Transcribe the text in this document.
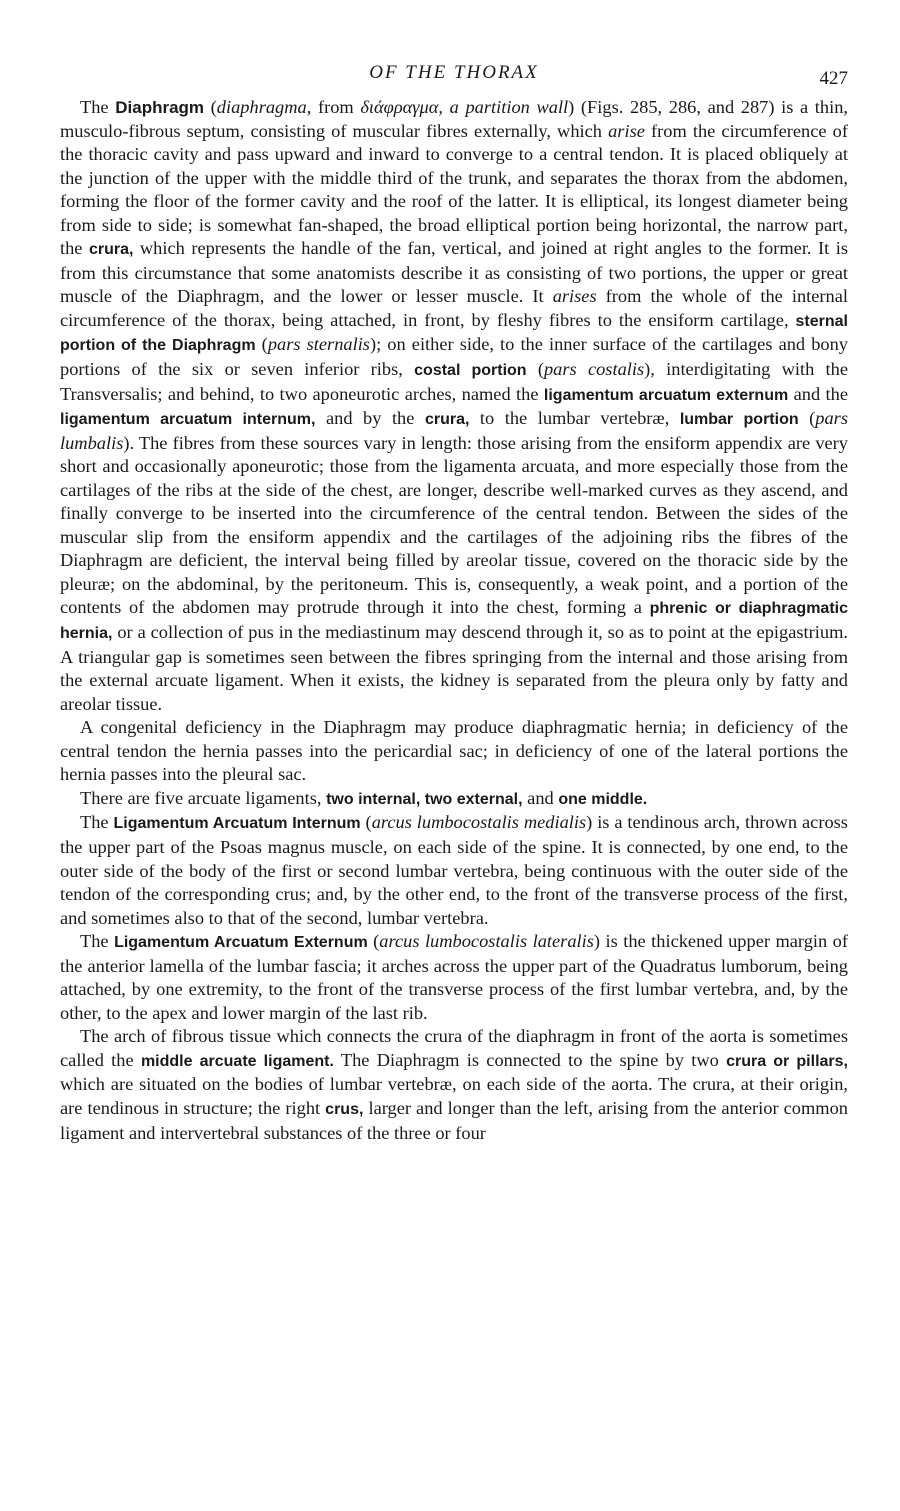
OF THE THORAX	427

The Diaphragm (diaphragma, from διάφραγμα, a partition wall) (Figs. 285, 286, and 287) is a thin, musculo-fibrous septum, consisting of muscular fibres externally, which arise from the circumference of the thoracic cavity and pass upward and inward to converge to a central tendon. It is placed obliquely at the junction of the upper with the middle third of the trunk, and separates the thorax from the abdomen, forming the floor of the former cavity and the roof of the latter. It is elliptical, its longest diameter being from side to side; is somewhat fan-shaped, the broad elliptical portion being horizontal, the narrow part, the crura, which represents the handle of the fan, vertical, and joined at right angles to the former. It is from this circumstance that some anatomists describe it as consisting of two portions, the upper or great muscle of the Diaphragm, and the lower or lesser muscle. It arises from the whole of the internal circumference of the thorax, being attached, in front, by fleshy fibres to the ensiform cartilage, sternal portion of the Diaphragm (pars sternalis); on either side, to the inner surface of the cartilages and bony portions of the six or seven inferior ribs, costal portion (pars costalis), interdigitating with the Transversalis; and behind, to two aponeurotic arches, named the ligamentum arcuatum externum and the ligamentum arcuatum internum, and by the crura, to the lumbar vertebræ, lumbar portion (pars lumbalis). The fibres from these sources vary in length: those arising from the ensiform appendix are very short and occasionally aponeurotic; those from the ligamenta arcuata, and more especially those from the cartilages of the ribs at the side of the chest, are longer, describe well-marked curves as they ascend, and finally converge to be inserted into the circumference of the central tendon. Between the sides of the muscular slip from the ensiform appendix and the cartilages of the adjoining ribs the fibres of the Diaphragm are deficient, the interval being filled by areolar tissue, covered on the thoracic side by the pleuræ; on the abdominal, by the peritoneum. This is, consequently, a weak point, and a portion of the contents of the abdomen may protrude through it into the chest, forming a phrenic or diaphragmatic hernia, or a collection of pus in the mediastinum may descend through it, so as to point at the epigastrium. A triangular gap is sometimes seen between the fibres springing from the internal and those arising from the external arcuate ligament. When it exists, the kidney is separated from the pleura only by fatty and areolar tissue.

A congenital deficiency in the Diaphragm may produce diaphragmatic hernia; in deficiency of the central tendon the hernia passes into the pericardial sac; in deficiency of one of the lateral portions the hernia passes into the pleural sac.

There are five arcuate ligaments, two internal, two external, and one middle.

The Ligamentum Arcuatum Internum (arcus lumbocostalis medialis) is a tendinous arch, thrown across the upper part of the Psoas magnus muscle, on each side of the spine. It is connected, by one end, to the outer side of the body of the first or second lumbar vertebra, being continuous with the outer side of the tendon of the corresponding crus; and, by the other end, to the front of the transverse process of the first, and sometimes also to that of the second, lumbar vertebra.

The Ligamentum Arcuatum Externum (arcus lumbocostalis lateralis) is the thickened upper margin of the anterior lamella of the lumbar fascia; it arches across the upper part of the Quadratus lumborum, being attached, by one extremity, to the front of the transverse process of the first lumbar vertebra, and, by the other, to the apex and lower margin of the last rib.

The arch of fibrous tissue which connects the crura of the diaphragm in front of the aorta is sometimes called the middle arcuate ligament. The Diaphragm is connected to the spine by two crura or pillars, which are situated on the bodies of lumbar vertebræ, on each side of the aorta. The crura, at their origin, are tendinous in structure; the right crus, larger and longer than the left, arising from the anterior common ligament and intervertebral substances of the three or four
